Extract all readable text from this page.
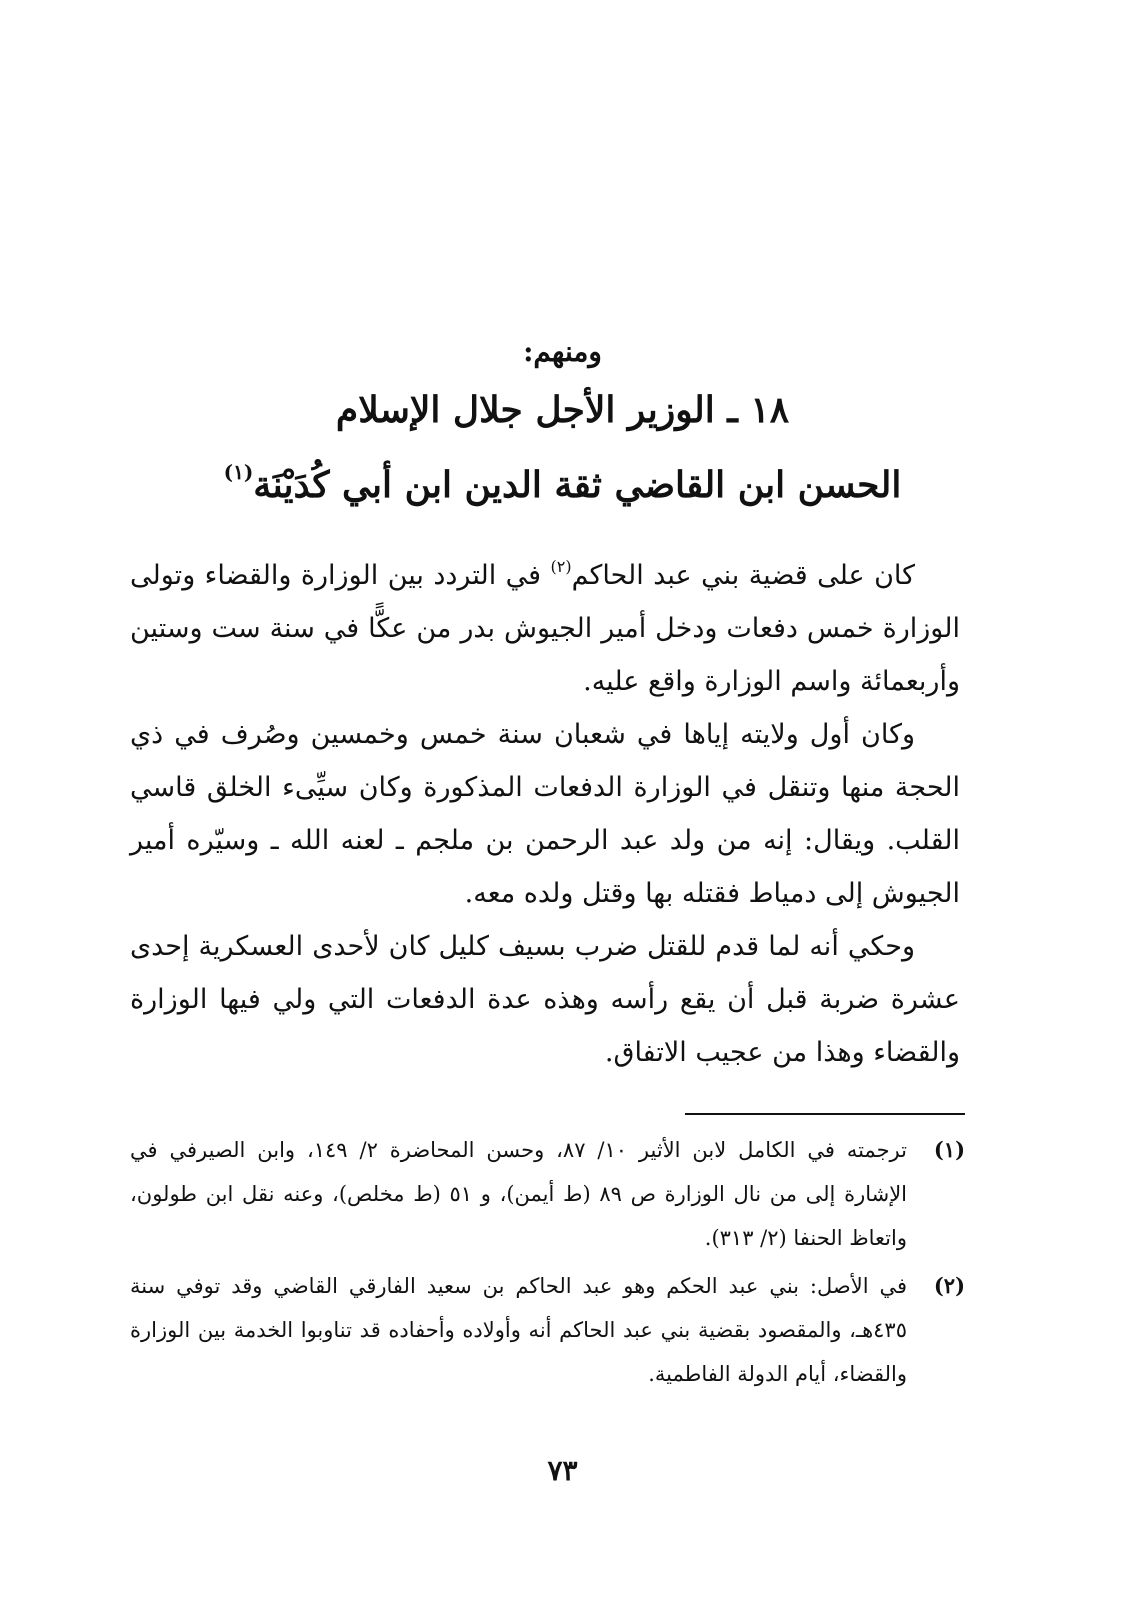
ومنهم:
١٨ ـ الوزير الأجل جلال الإسلام
الحسن ابن القاضي ثقة الدين ابن أبي كُدَيْنَة$^{(١)}$

كان على قضية بني عبد الحاكم$^{(٢)}$ في التردد بين الوزارة والقضاء وتولى الوزارة خمس دفعات ودخل أمير الجيوش بدر من عكًّا في سنة ست وستين وأربعمائة واسم الوزارة واقع عليه.

وكان أول ولايته إياها في شعبان سنة خمس وخمسين وصُرف في ذي الحجة منها وتنقل في الوزارة الدفعات المذكورة وكان سيِّىء الخلق قاسي القلب. ويقال: إنه من ولد عبد الرحمن بن ملجم ـ لعنه الله ـ وسيّره أمير الجيوش إلى دمياط فقتله بها وقتل ولده معه.

وحكي أنه لما قدم للقتل ضرب بسيف كليل كان لأحدى العسكرية إحدى عشرة ضربة قبل أن يقع رأسه وهذه عدة الدفعات التي ولي فيها الوزارة والقضاء وهذا من عجيب الاتفاق.

(١)
ترجمته في الكامل لابن الأثير ١٠/ ٨٧، وحسن المحاضرة ٢/ ١٤٩، وابن الصيرفي في الإشارة إلى من نال الوزارة ص ٨٩ (ط أيمن)، و ٥١ (ط مخلص)، وعنه نقل ابن طولون، واتعاظ الحنفا (٢/ ٣١٣).
(٢)
في الأصل: بني عبد الحكم وهو عبد الحاكم بن سعيد الفارقي القاضي وقد توفي سنة ٤٣٥هـ، والمقصود بقضية بني عبد الحاكم أنه وأولاده وأحفاده قد تناوبوا الخدمة بين الوزارة والقضاء، أيام الدولة الفاطمية.
٧٣
